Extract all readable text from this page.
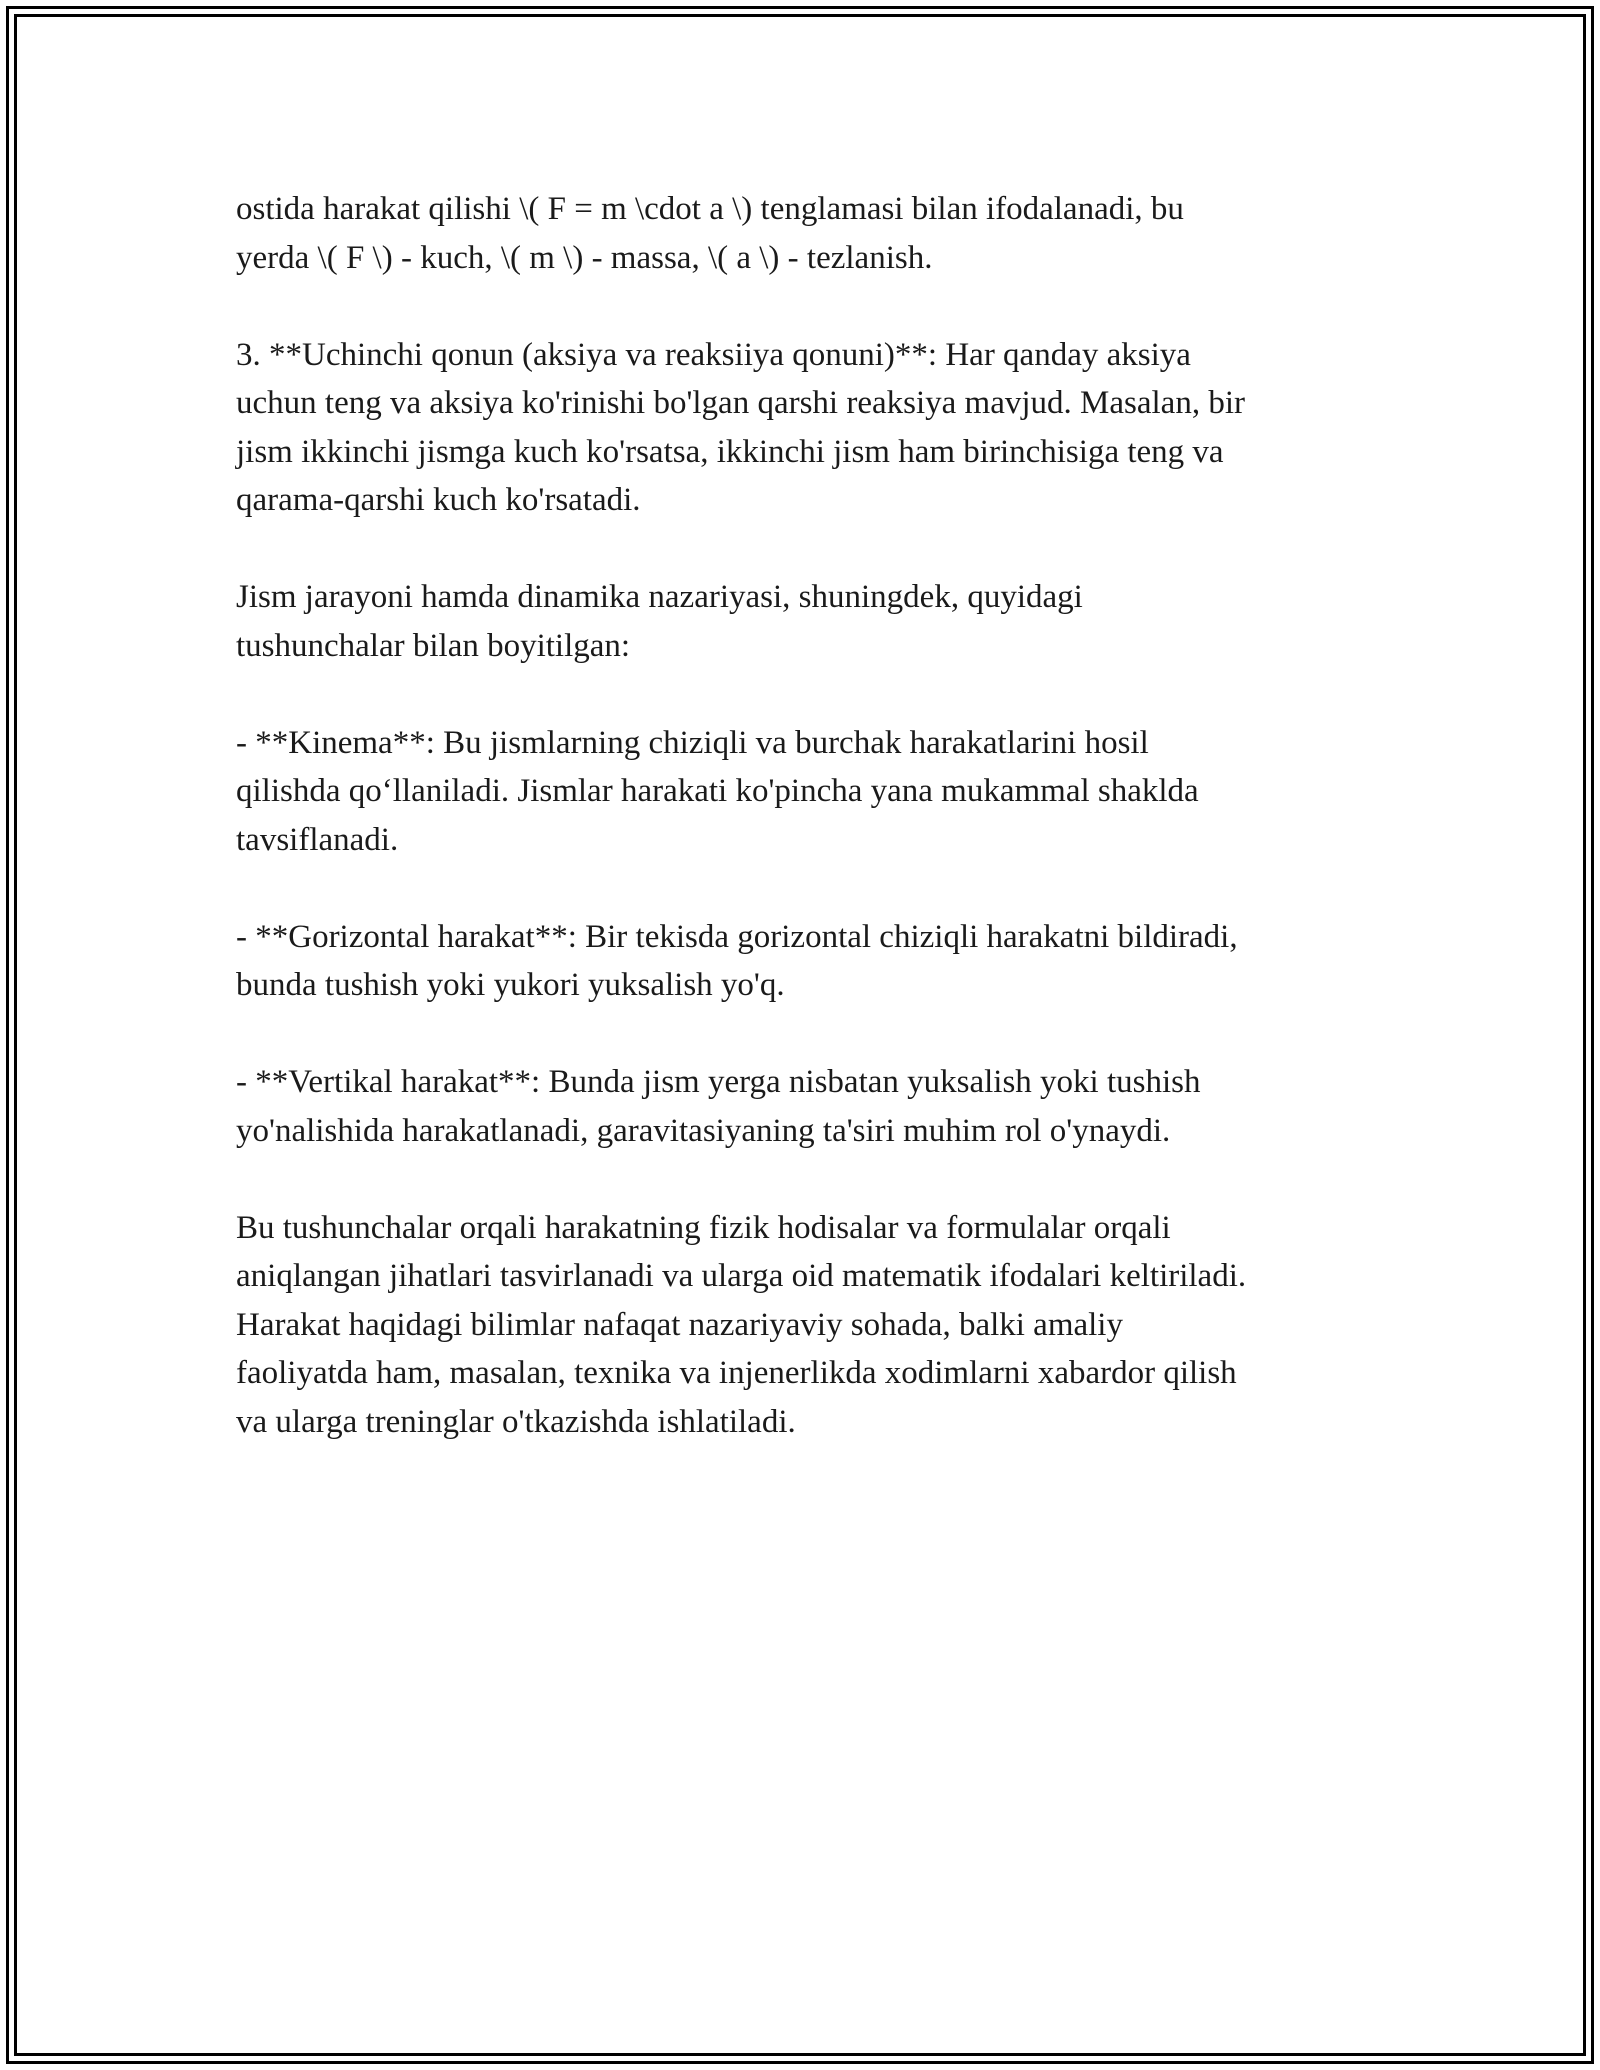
ostida harakat qilishi \( F = m \cdot a \) tenglamasi bilan ifodalanadi, bu
yerda \( F \) - kuch, \( m \) - massa, \( a \) - tezlanish.

3. **Uchinchi qonun (aksiya va reaksiiya qonuni)**: Har qanday aksiya
uchun teng va aksiya ko'rinishi bo'lgan qarshi reaksiya mavjud. Masalan, bir
jism ikkinchi jismga kuch ko'rsatsa, ikkinchi jism ham birinchisiga teng va
qarama-qarshi kuch ko'rsatadi.

Jism jarayoni hamda dinamika nazariyasi, shuningdek, quyidagi
tushunchalar bilan boyitilgan:

- **Kinema**: Bu jismlarning chiziqli va burchak harakatlarini hosil
qilishda qo‘llaniladi. Jismlar harakati ko'pincha yana mukammal shaklda
tavsiflanadi.

- **Gorizontal harakat**: Bir tekisda gorizontal chiziqli harakatni bildiradi,
bunda tushish yoki yukori yuksalish yo'q.

- **Vertikal harakat**: Bunda jism yerga nisbatan yuksalish yoki tushish
yo'nalishida harakatlanadi, garavitasiyaning ta'siri muhim rol o'ynaydi.

Bu tushunchalar orqali harakatning fizik hodisalar va formulalar orqali
aniqlangan jihatlari tasvirlanadi va ularga oid matematik ifodalari keltiriladi.
Harakat haqidagi bilimlar nafaqat nazariyaviy sohada, balki amaliy
faoliyatda ham, masalan, texnika va injenerlikda xodimlarni xabardor qilish
va ularga treninglar o'tkazishda ishlatiladi.
